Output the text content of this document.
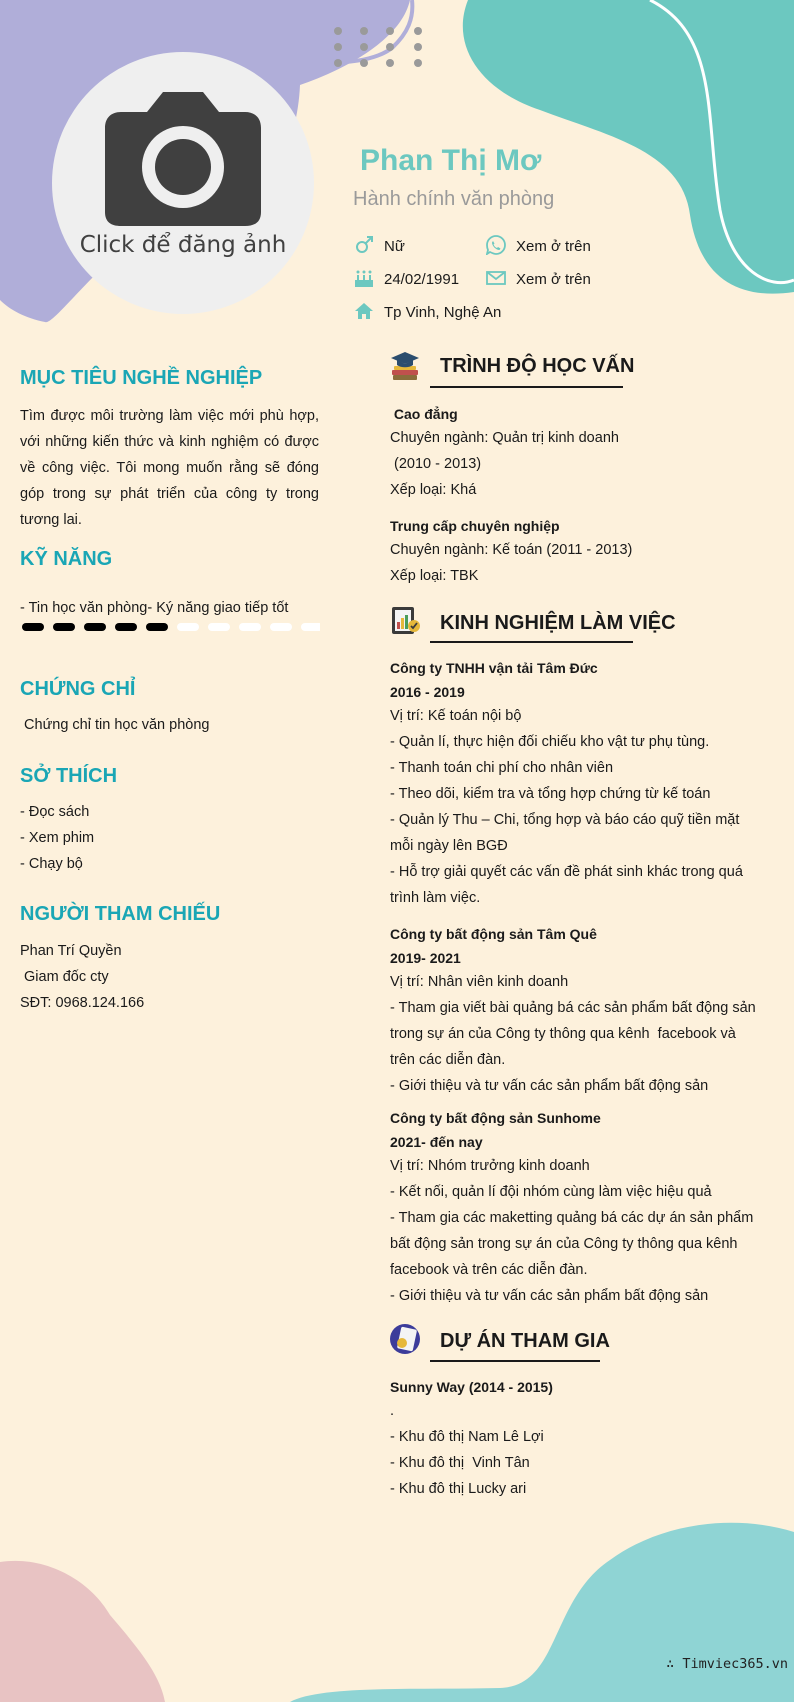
Click để đăng ảnh
Phan Thị Mơ
Hành chính văn phòng
Nữ	Xem ở trên
24/02/1991	Xem ở trên
Tp Vinh, Nghệ An
MỤC TIÊU NGHỀ NGHIỆP
Tìm được môi trường làm việc mới phù hợp, với những kiến thức và kinh nghiệm có được về công việc. Tôi mong muốn rằng sẽ đóng góp trong sự phát triển của công ty trong tương lai.
KỸ NĂNG
- Tin học văn phòng- Ký năng giao tiếp tốt
CHỨNG CHỈ
Chứng chỉ tin học văn phòng
SỞ THÍCH
- Đọc sách
- Xem phim
- Chạy bộ
NGƯỜI THAM CHIẾU
Phan Trí Quyền
Giam đốc cty
SĐT: 0968.124.166
TRÌNH ĐỘ HỌC VẤN
Cao đẳng
Chuyên ngành: Quản trị kinh doanh
(2010 - 2013)
Xếp loại: Khá
Trung cấp chuyên nghiệp
Chuyên ngành: Kế toán (2011 - 2013)
Xếp loại: TBK
KINH NGHIỆM LÀM VIỆC
Công ty TNHH vận tải Tâm Đức
2016 - 2019
Vị trí: Kế toán nội bộ
- Quản lí, thực hiện đối chiếu kho vật tư phụ tùng.
- Thanh toán chi phí cho nhân viên
- Theo dõi, kiểm tra và tổng hợp chứng từ kế toán
- Quản lý Thu – Chi, tổng hợp và báo cáo quỹ tiền mặt
mỗi ngày lên BGĐ
- Hỗ trợ giải quyết các vấn đề phát sinh khác trong quá
trình làm việc.
Công ty bất động sản Tâm Quê
2019- 2021
Vị trí: Nhân viên kinh doanh
- Tham gia viết bài quảng bá các sản phẩm bất động sản
trong sự án của Công ty thông qua kênh  facebook và
trên các diễn đàn.
- Giới thiệu và tư vấn các sản phẩm bất động sản
Công ty bất động sản Sunhome
2021- đến nay
Vị trí: Nhóm trưởng kinh doanh
- Kết nối, quản lí đội nhóm cùng làm việc hiệu quả
- Tham gia các maketting quảng bá các dự án sản phẩm
bất động sản trong sự án của Công ty thông qua kênh
facebook và trên các diễn đàn.
- Giới thiệu và tư vấn các sản phẩm bất động sản
DỰ ÁN THAM GIA
Sunny Way (2014 - 2015)
.
- Khu đô thị Nam Lê Lợi
- Khu đô thị  Vinh Tân
- Khu đô thị Lucky ari
∴ Timviec365.vn
